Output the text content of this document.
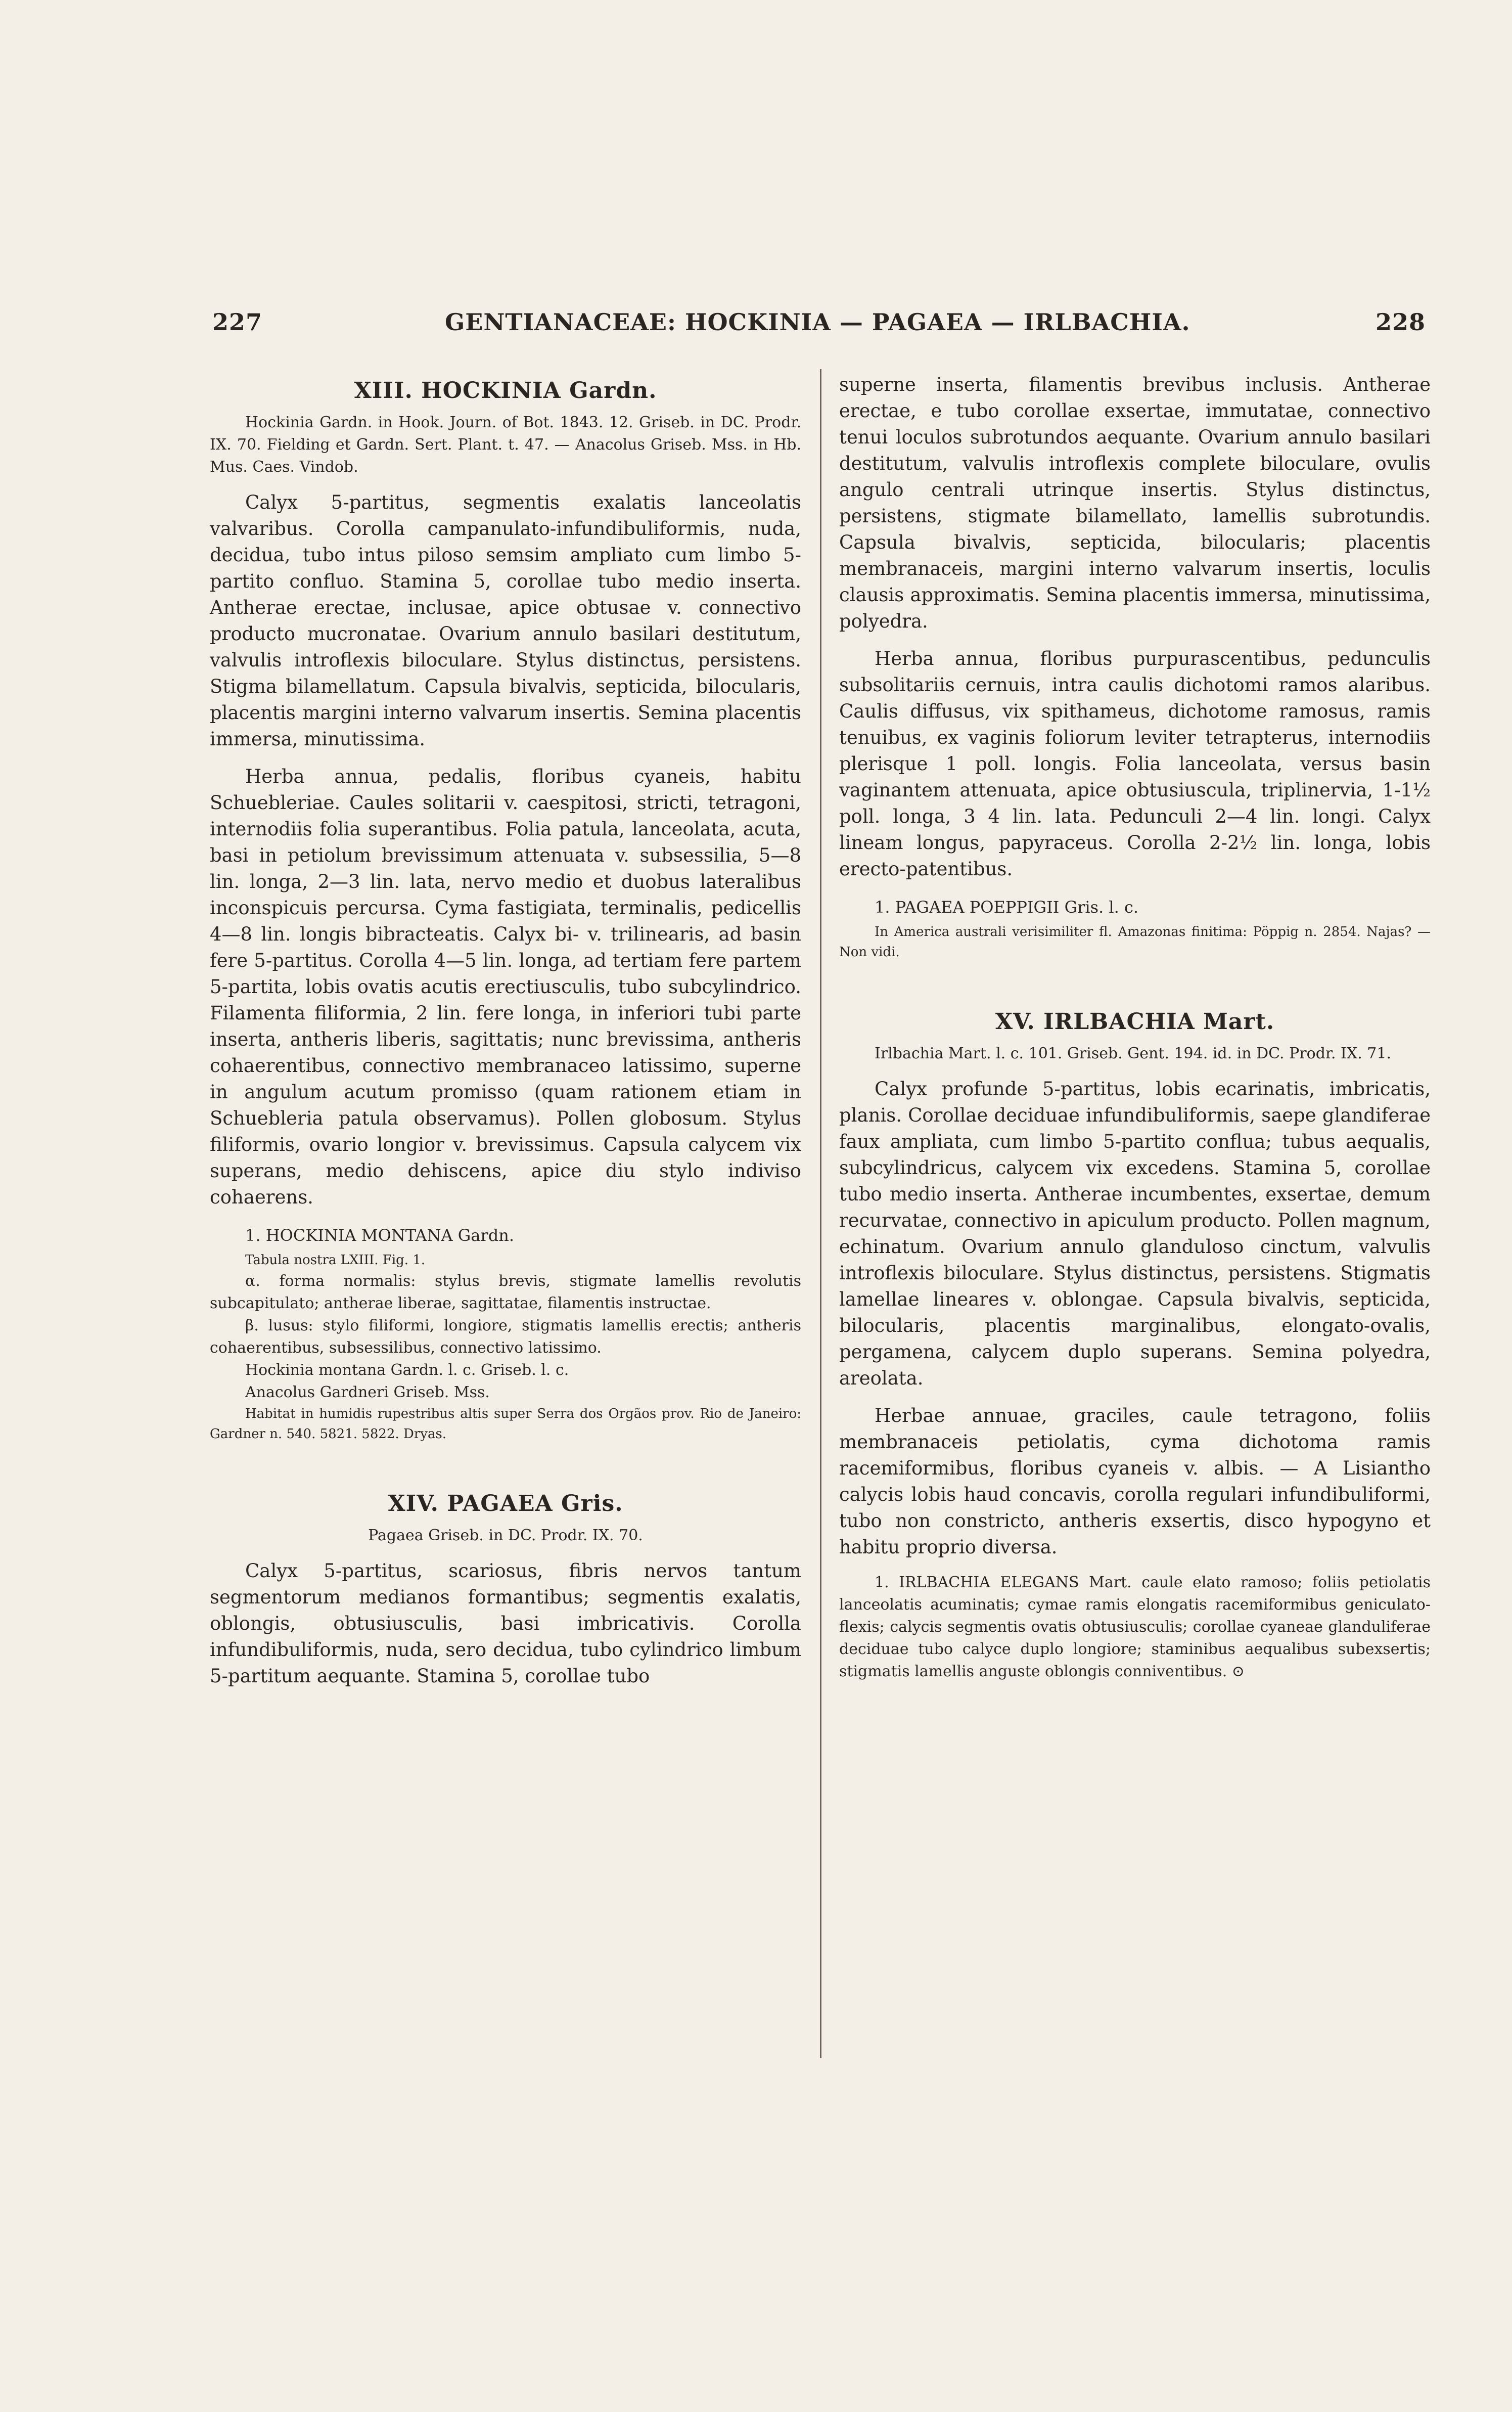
227	GENTIANACEAE: HOCKINIA — PAGAEA — IRLBACHIA.	228
XIII. HOCKINIA Gardn.

Hockinia Gardn. in Hook. Journ. of Bot. 1843. 12. Griseb. in DC. Prodr. IX. 70. Fielding et Gardn. Sert. Plant. t. 47. — Anacolus Griseb. Mss. in Hb. Mus. Caes. Vindob.

Calyx 5-partitus, segmentis exalatis lanceolatis valvaribus. Corolla campanulato-infundibuliformis, nuda, decidua, tubo intus piloso semsim ampliato cum limbo 5-partito confluo. Stamina 5, corollae tubo medio inserta. Antherae erectae, inclusae, apice obtusae v. connectivo producto mucronatae. Ovarium annulo basilari destitutum, valvulis introflexis biloculare. Stylus distinctus, persistens. Stigma bilamellatum. Capsula bivalvis, septicida, bilocularis, placentis margini interno valvarum insertis. Semina placentis immersa, minutissima.

Herba annua, pedalis, floribus cyaneis, habitu Schuebleriae. Caules solitarii v. caespitosi, stricti, tetragoni, internodiis folia superantibus. Folia patula, lanceolata, acuta, basi in petiolum brevissimum attenuata v. subsessilia, 5—8 lin. longa, 2—3 lin. lata, nervo medio et duobus lateralibus inconspicuis percursa. Cyma fastigiata, terminalis, pedicellis 4—8 lin. longis bibracteatis. Calyx bi- v. trilinearis, ad basin fere 5-partitus. Corolla 4—5 lin. longa, ad tertiam fere partem 5-partita, lobis ovatis acutis erectiusculis, tubo subcylindrico. Filamenta filiformia, 2 lin. fere longa, in inferiori tubi parte inserta, antheris liberis, sagittatis; nunc brevissima, antheris cohaerentibus, connectivo membranaceo latissimo, superne in angulum acutum promisso (quam rationem etiam in Schuebleria patula observamus). Pollen globosum. Stylus filiformis, ovario longior v. brevissimus. Capsula calycem vix superans, medio dehiscens, apice diu stylo indiviso cohaerens.

1. HOCKINIA MONTANA Gardn.

Tabula nostra LXIII. Fig. 1.

α. forma normalis: stylus brevis, stigmate lamellis revolutis subcapitulato; antherae liberae, sagittatae, filamentis instructae.

β. lusus: stylo filiformi, longiore, stigmatis lamellis erectis; antheris cohaerentibus, subsessilibus, connectivo latissimo.

Hockinia montana Gardn. l. c. Griseb. l. c.

Anacolus Gardneri Griseb. Mss.

Habitat in humidis rupestribus altis super Serra dos Orgãos prov. Rio de Janeiro: Gardner n. 540. 5821. 5822. Dryas.

XIV. PAGAEA Gris.

Pagaea Griseb. in DC. Prodr. IX. 70.

Calyx 5-partitus, scariosus, fibris nervos tantum segmentorum medianos formantibus; segmentis exalatis, oblongis, obtusiusculis, basi imbricativis. Corolla infundibuliformis, nuda, sero decidua, tubo cylindrico limbum 5-partitum aequante. Stamina 5, corollae tubo

superne inserta, filamentis brevibus inclusis. Antherae erectae, e tubo corollae exsertae, immutatae, connectivo tenui loculos subrotundos aequante. Ovarium annulo basilari destitutum, valvulis introflexis complete biloculare, ovulis angulo centrali utrinque insertis. Stylus distinctus, persistens, stigmate bilamellato, lamellis subrotundis. Capsula bivalvis, septicida, bilocularis; placentis membranaceis, margini interno valvarum insertis, loculis clausis approximatis. Semina placentis immersa, minutissima, polyedra.

Herba annua, floribus purpurascentibus, pedunculis subsolitariis cernuis, intra caulis dichotomi ramos alaribus. Caulis diffusus, vix spithameus, dichotome ramosus, ramis tenuibus, ex vaginis foliorum leviter tetrapterus, internodiis plerisque 1 poll. longis. Folia lanceolata, versus basin vaginantem attenuata, apice obtusiuscula, triplinervia, 1-1½ poll. longa, 3 4 lin. lata. Pedunculi 2—4 lin. longi. Calyx lineam longus, papyraceus. Corolla 2-2½ lin. longa, lobis erecto-patentibus.

1. PAGAEA POEPPIGII Gris. l. c.

In America australi verisimiliter fl. Amazonas finitima: Pöppig n. 2854. Najas? — Non vidi.

XV. IRLBACHIA Mart.

Irlbachia Mart. l. c. 101. Griseb. Gent. 194. id. in DC. Prodr. IX. 71.

Calyx profunde 5-partitus, lobis ecarinatis, imbricatis, planis. Corollae deciduae infundibuliformis, saepe glandiferae faux ampliata, cum limbo 5-partito conflua; tubus aequalis, subcylindricus, calycem vix excedens. Stamina 5, corollae tubo medio inserta. Antherae incumbentes, exsertae, demum recurvatae, connectivo in apiculum producto. Pollen magnum, echinatum. Ovarium annulo glanduloso cinctum, valvulis introflexis biloculare. Stylus distinctus, persistens. Stigmatis lamellae lineares v. oblongae. Capsula bivalvis, septicida, bilocularis, placentis marginalibus, elongato-ovalis, pergamena, calycem duplo superans. Semina polyedra, areolata.

Herbae annuae, graciles, caule tetragono, foliis membranaceis petiolatis, cyma dichotoma ramis racemiformibus, floribus cyaneis v. albis. — A Lisiantho calycis lobis haud concavis, corolla regulari infundibuliformi, tubo non constricto, antheris exsertis, disco hypogyno et habitu proprio diversa.

1. IRLBACHIA ELEGANS Mart. caule elato ramoso; foliis petiolatis lanceolatis acuminatis; cymae ramis elongatis racemiformibus geniculato-flexis; calycis segmentis ovatis obtusiusculis; corollae cyaneae glanduliferae deciduae tubo calyce duplo longiore; staminibus aequalibus subexsertis; stigmatis lamellis anguste oblongis conniventibus. ⊙
